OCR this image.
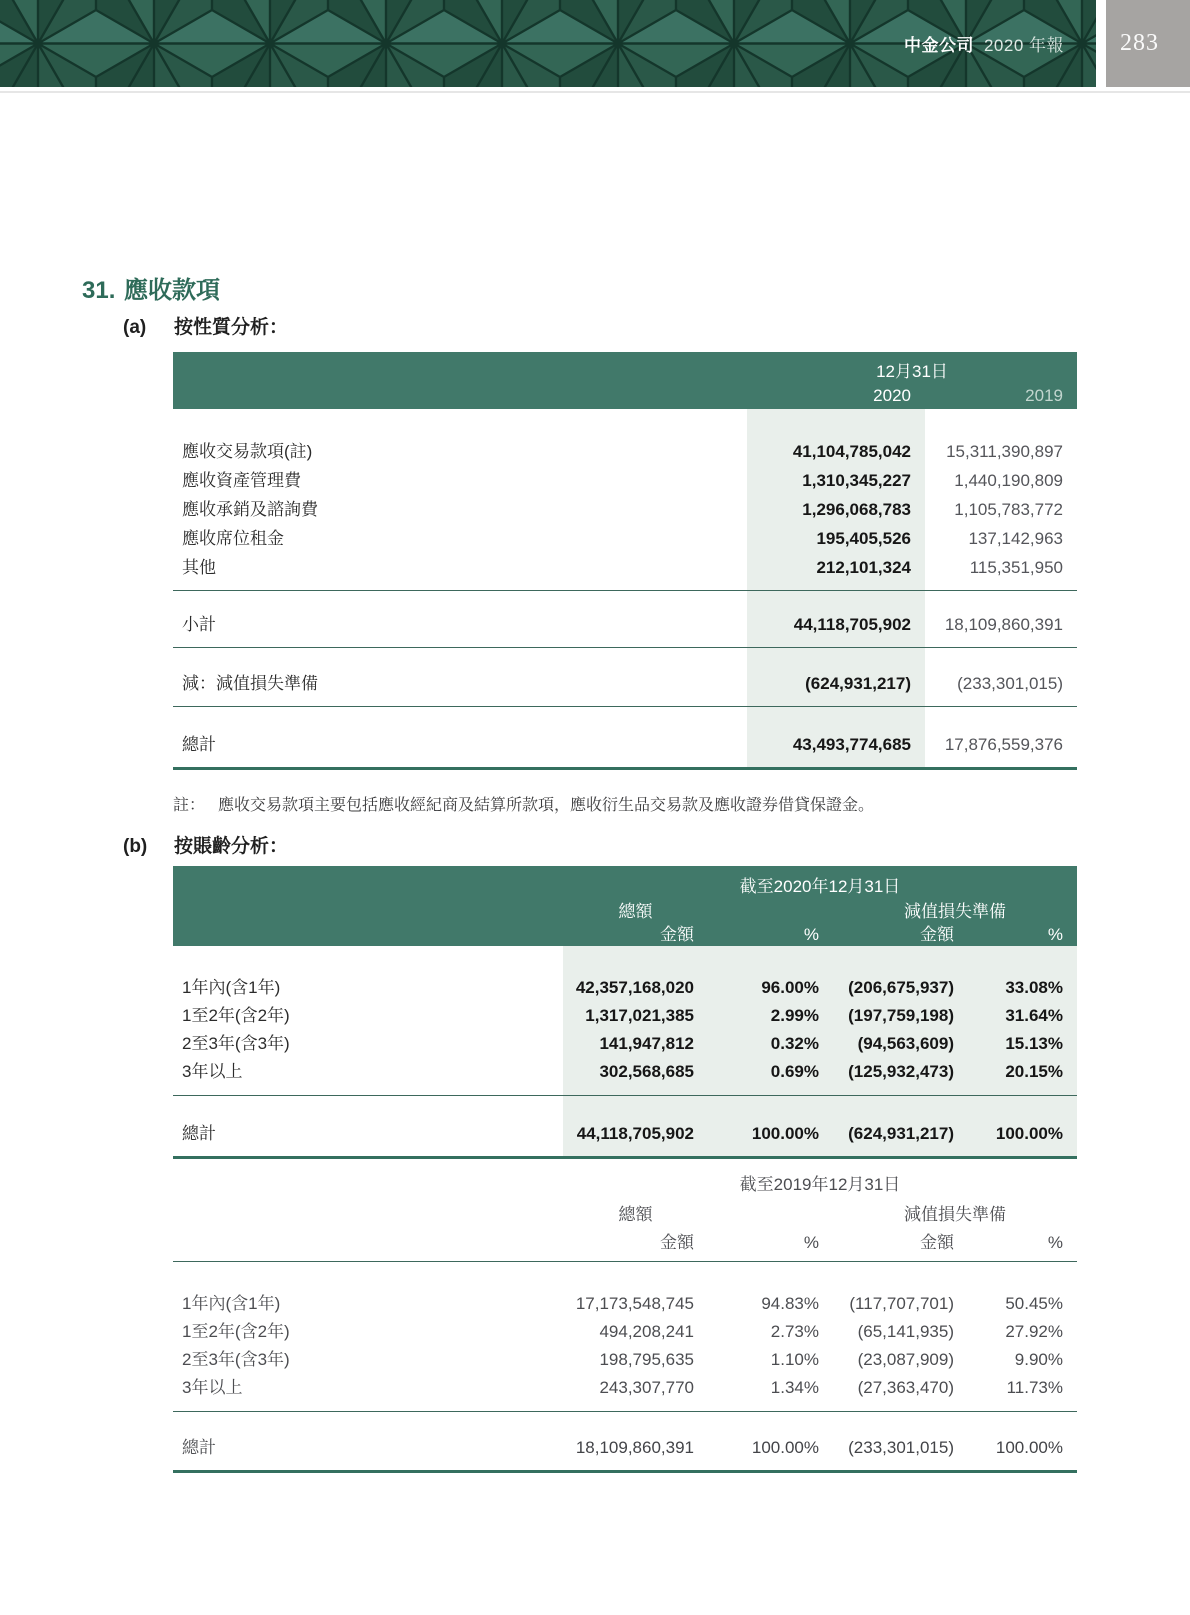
中金公司 2020 年報 283
31. 應收款項
(a) 按性質分析：
12月31日
2020	2019
應收交易款項(註)	41,104,785,042	15,311,390,897
應收資產管理費	1,310,345,227	1,440,190,809
應收承銷及諮詢費	1,296,068,783	1,105,783,772
應收席位租金	195,405,526	137,142,963
其他	212,101,324	115,351,950
小計	44,118,705,902	18,109,860,391
減：減值損失準備	(624,931,217)	(233,301,015)
總計	43,493,774,685	17,876,559,376
註： 應收交易款項主要包括應收經紀商及結算所款項，應收衍生品交易款及應收證券借貸保證金。
(b) 按賬齡分析：
截至2020年12月31日
總額	減值損失準備
金額	%	金額	%
1年內(含1年)	42,357,168,020	96.00%	(206,675,937)	33.08%
1至2年(含2年)	1,317,021,385	2.99%	(197,759,198)	31.64%
2至3年(含3年)	141,947,812	0.32%	(94,563,609)	15.13%
3年以上	302,568,685	0.69%	(125,932,473)	20.15%
總計	44,118,705,902	100.00%	(624,931,217)	100.00%
截至2019年12月31日
總額	減值損失準備
金額	%	金額	%
1年內(含1年)	17,173,548,745	94.83%	(117,707,701)	50.45%
1至2年(含2年)	494,208,241	2.73%	(65,141,935)	27.92%
2至3年(含3年)	198,795,635	1.10%	(23,087,909)	9.90%
3年以上	243,307,770	1.34%	(27,363,470)	11.73%
總計	18,109,860,391	100.00%	(233,301,015)	100.00%
